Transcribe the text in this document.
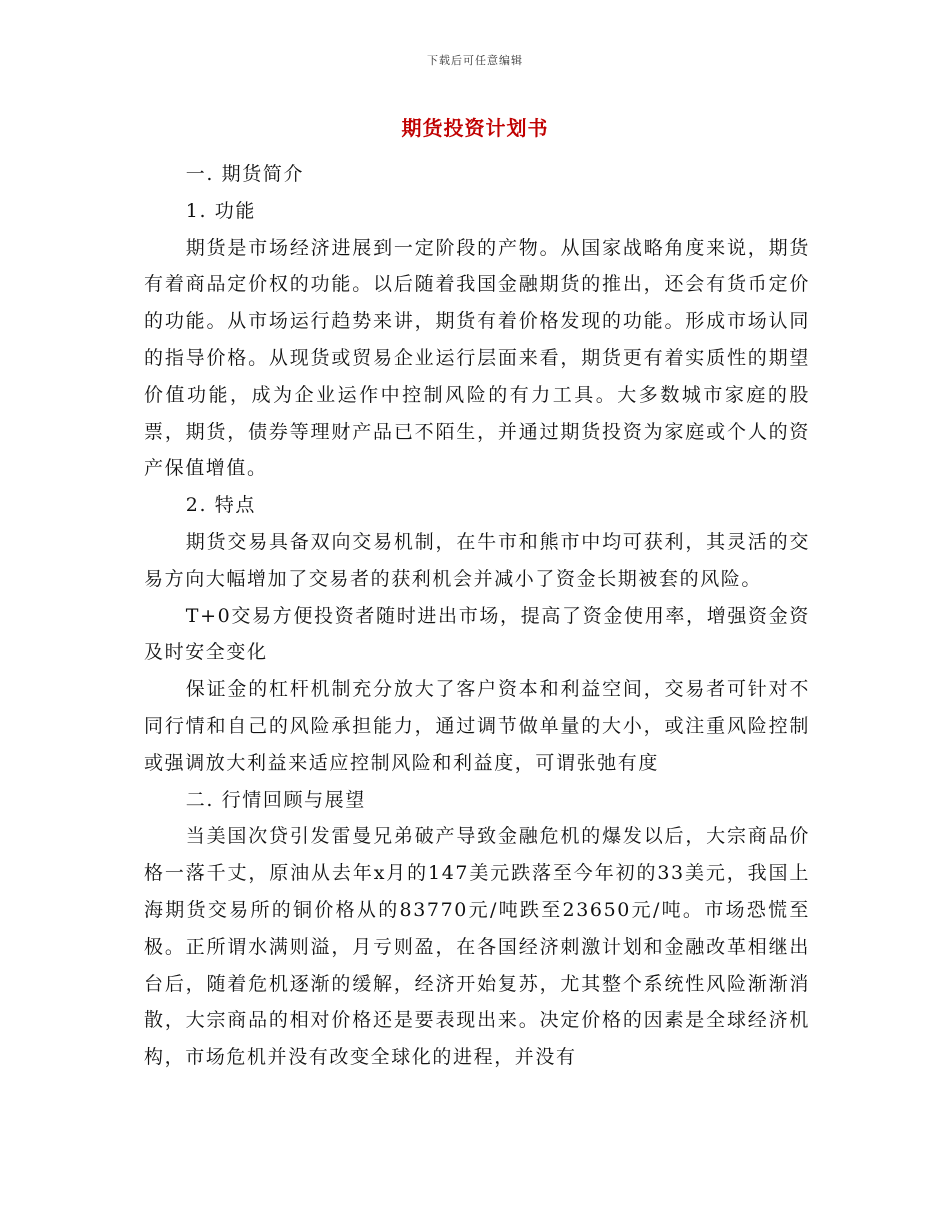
下载后可任意编辑
期货投资计划书

一. 期货简介

1. 功能

期货是市场经济进展到一定阶段的产物。从国家战略角度来说，期货有着商品定价权的功能。以后随着我国金融期货的推出，还会有货币定价的功能。从市场运行趋势来讲，期货有着价格发现的功能。形成市场认同的指导价格。从现货或贸易企业运行层面来看，期货更有着实质性的期望价值功能，成为企业运作中控制风险的有力工具。大多数城市家庭的股票，期货，债券等理财产品已不陌生，并通过期货投资为家庭或个人的资产保值增值。

2. 特点

期货交易具备双向交易机制，在牛市和熊市中均可获利，其灵活的交易方向大幅增加了交易者的获利机会并减小了资金长期被套的风险。

T+0交易方便投资者随时进出市场，提高了资金使用率，增强资金资及时安全变化

保证金的杠杆机制充分放大了客户资本和利益空间，交易者可针对不同行情和自己的风险承担能力，通过调节做单量的大小，或注重风险控制或强调放大利益来适应控制风险和利益度，可谓张弛有度

二. 行情回顾与展望

当美国次贷引发雷曼兄弟破产导致金融危机的爆发以后，大宗商品价格一落千丈，原油从去年x月的147美元跌落至今年初的33美元，我国上海期货交易所的铜价格从的83770元/吨跌至23650元/吨。市场恐慌至极。正所谓水满则溢，月亏则盈，在各国经济刺激计划和金融改革相继出台后，随着危机逐渐的缓解，经济开始复苏，尤其整个系统性风险渐渐消散，大宗商品的相对价格还是要表现出来。决定价格的因素是全球经济机构，市场危机并没有改变全球化的进程，并没有
